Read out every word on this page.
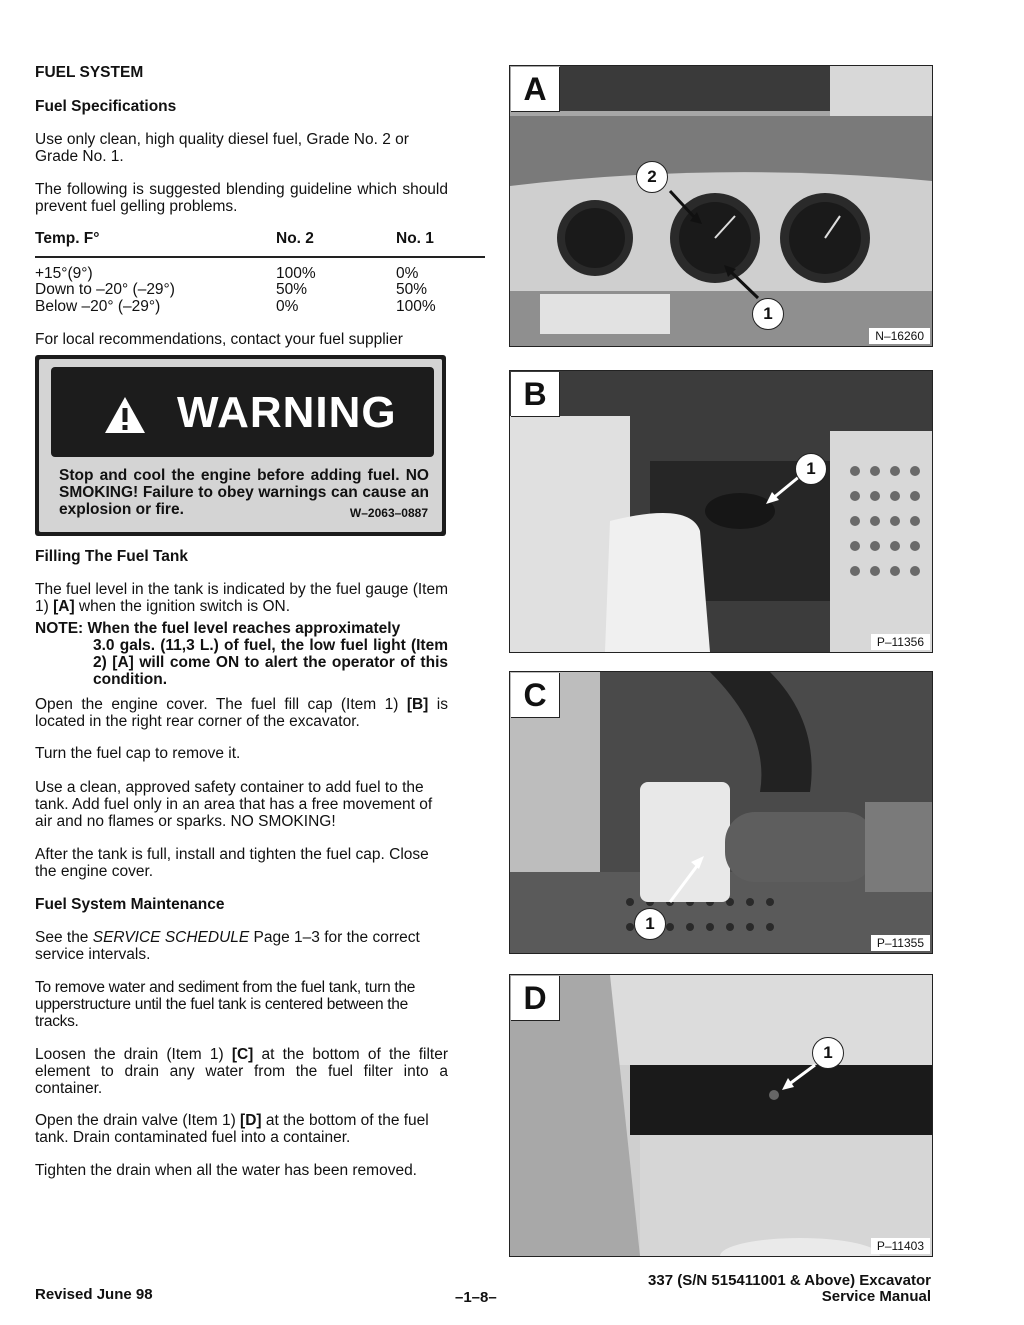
FUEL SYSTEM
Fuel Specifications

Use only clean, high quality diesel fuel, Grade No. 2 or Grade No. 1.

The following is suggested blending guideline which should prevent fuel gelling problems.

Temp. F°	No. 2	No. 1
+15°(9°)	100%	0%
Down to –20° (–29°)	50%	50%
Below –20° (–29°)	0%	100%

For local recommendations, contact your fuel supplier

WARNING
Stop and cool the engine before adding fuel. NO SMOKING! Failure to obey warnings can cause an explosion or fire.	W–2063–0887
Filling The Fuel Tank

The fuel level in the tank is indicated by the fuel gauge (Item 1) [A] when the ignition switch is ON.

NOTE: When the fuel level reaches approximately
3.0 gals. (11,3 L.) of fuel, the low fuel light (Item 2) [A] will come ON to alert the operator of this condition.

Open the engine cover. The fuel fill cap (Item 1) [B] is located in the right rear corner of the excavator.

Turn the fuel cap to remove it.

Use a clean, approved safety container to add fuel to the tank. Add fuel only in an area that has a free movement of air and no flames or sparks. NO SMOKING!

After the tank is full, install and tighten the fuel cap. Close the engine cover.

Fuel System Maintenance

See the SERVICE SCHEDULE Page 1–3 for the correct service intervals.

To remove water and sediment from the fuel tank, turn the upperstructure until the fuel tank is centered between the tracks.

Loosen the drain (Item 1) [C] at the bottom of the filter element to drain any water from the fuel filter into a container.

Open the drain valve (Item 1) [D] at the bottom of the fuel tank. Drain contaminated fuel into a container.

Tighten the drain when all the water has been removed.

A
2
1
N–16260
B
1
P–11356
C
1
P–11355
D
1
P–11403
Revised June 98	–1–8–
337 (S/N 515411001 & Above) Excavator
Service Manual
